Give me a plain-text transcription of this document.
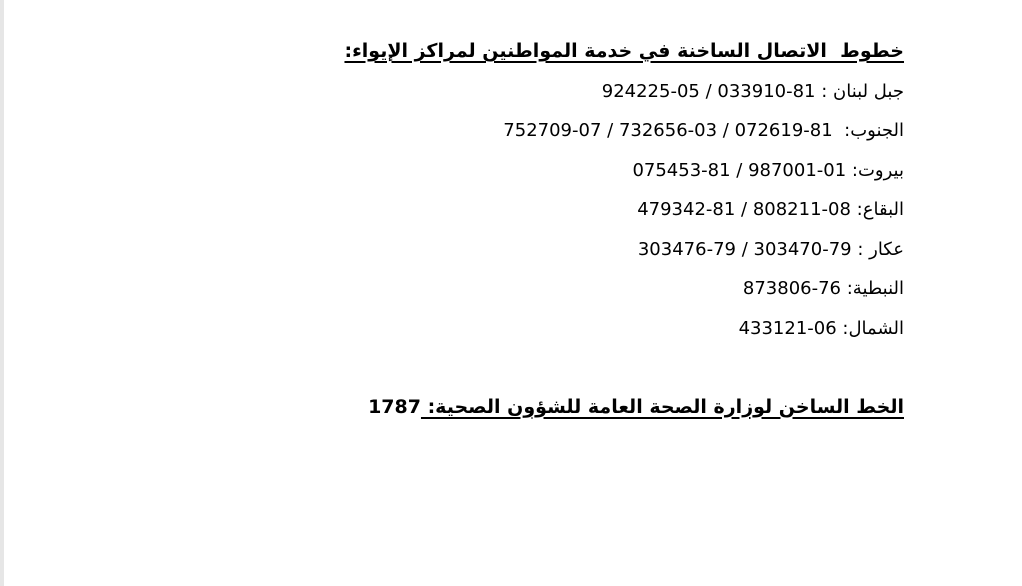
خطوط  الاتصال الساخنة في خدمة المواطنين لمراكز الإيواء:
جبل لبنان : 81-033910 / 05-924225
الجنوب:  81-072619 / 03-732656 / 07-752709
بيروت: 01-987001 / 81-075453
البقاع: 08-808211 / 81-479342
عكار : 79-303470 / 79-303476
النبطية: 76-873806
الشمال: 06-433121
الخط الساخن لوزارة الصحة العامة للشؤون الصحية: 1787
